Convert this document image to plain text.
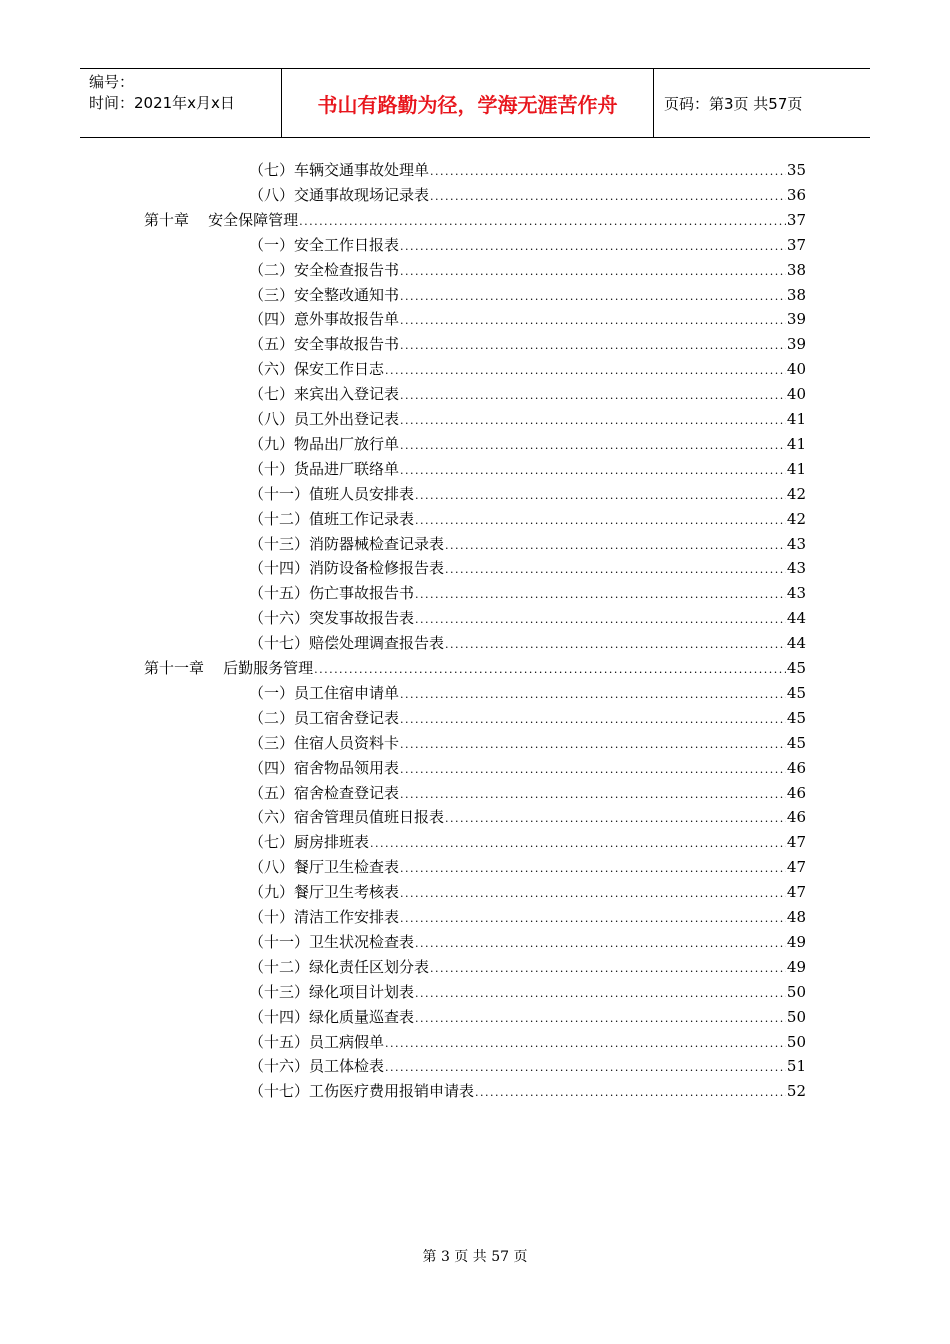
编号：
时间：2021年x月x日	书山有路勤为径，学海无涯苦作舟	页码：第3页 共57页
（七）车辆交通事故处理单 .....	35
（八）交通事故现场记录表 .....	36
第十章    安全保障管理 .....	37
（一）安全工作日报表 .....	37
（二）安全检查报告书 .....	38
（三）安全整改通知书 .....	38
（四）意外事故报告单 .....	39
（五）安全事故报告书 .....	39
（六）保安工作日志 .....	40
（七）来宾出入登记表 .....	40
（八）员工外出登记表 .....	41
（九）物品出厂放行单 .....	41
（十）货品进厂联络单 .....	41
（十一）值班人员安排表 .....	42
（十二）值班工作记录表 .....	42
（十三）消防器械检查记录表 .....	43
（十四）消防设备检修报告表 .....	43
（十五）伤亡事故报告书 .....	43
（十六）突发事故报告表 .....	44
（十七）赔偿处理调查报告表 .....	44
第十一章    后勤服务管理 .....	45
（一）员工住宿申请单 .....	45
（二）员工宿舍登记表 .....	45
（三）住宿人员资料卡 .....	45
（四）宿舍物品领用表 .....	46
（五）宿舍检查登记表 .....	46
（六）宿舍管理员值班日报表 .....	46
（七）厨房排班表 .....	47
（八）餐厅卫生检查表 .....	47
（九）餐厅卫生考核表 .....	47
（十）清洁工作安排表 .....	48
（十一）卫生状况检查表 .....	49
（十二）绿化责任区划分表 .....	49
（十三）绿化项目计划表 .....	50
（十四）绿化质量巡查表 .....	50
（十五）员工病假单 .....	50
（十六）员工体检表 .....	51
（十七）工伤医疗费用报销申请表 .....	52
第 3 页 共 57 页
